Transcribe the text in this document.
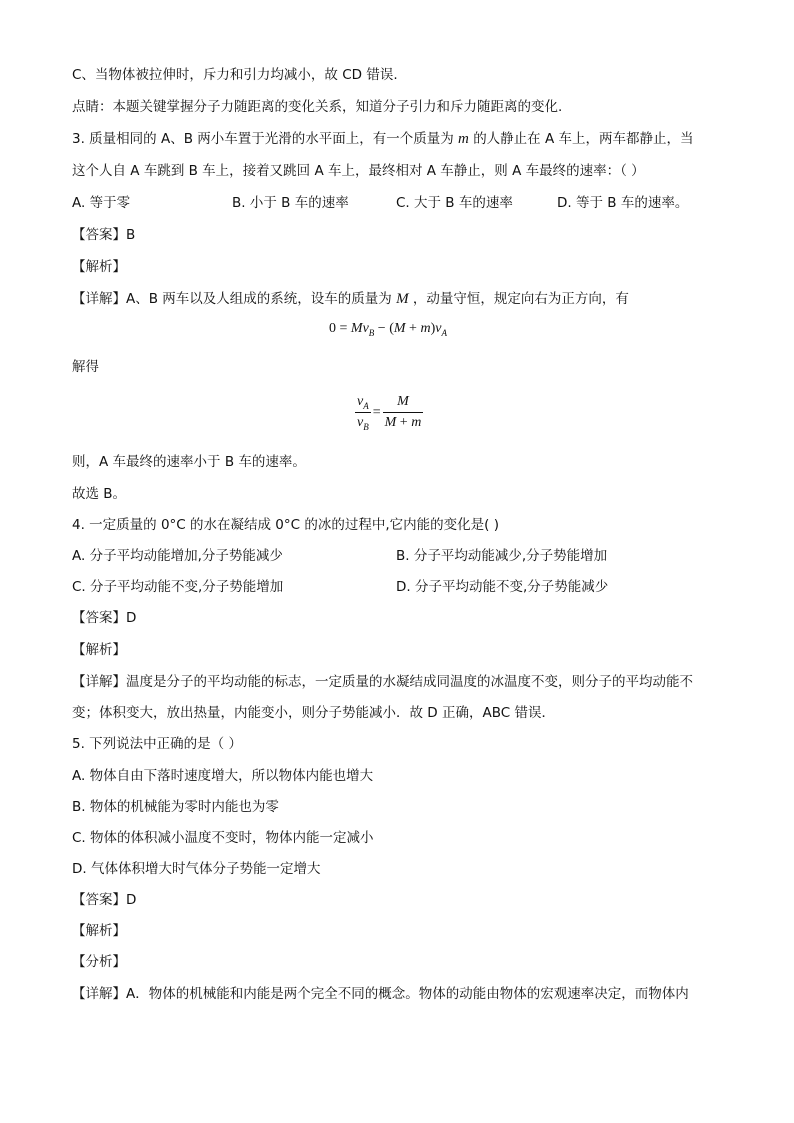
C、当物体被拉伸时，斥力和引力均减小，故 CD 错误.
点睛：本题关键掌握分子力随距离的变化关系，知道分子引力和斥力随距离的变化.
3. 质量相同的 A、B 两小车置于光滑的水平面上，有一个质量为 m 的人静止在 A 车上，两车都静止，当
这个人自 A 车跳到 B 车上，接着又跳回 A 车上，最终相对 A 车静止，则 A 车最终的速率：（ ）
A. 等于零	B. 小于 B 车的速率	C. 大于 B 车的速率	D. 等于 B 车的速率。
【答案】B
【解析】
【详解】A、B 两车以及人组成的系统，设车的质量为 M ，动量守恒，规定向右为正方向，有
$0 = Mv_B - (M + m)v_A$
解得
$\frac{v_A}{v_B} = \frac{M}{M + m}$
则，A 车最终的速率小于 B 车的速率。
故选 B。
4. 一定质量的 0°C 的水在凝结成 0°C 的冰的过程中,它内能的变化是( )
A. 分子平均动能增加,分子势能减少	B. 分子平均动能减少,分子势能增加
C. 分子平均动能不变,分子势能增加	D. 分子平均动能不变,分子势能减少
【答案】D
【解析】
【详解】温度是分子的平均动能的标志，一定质量的水凝结成同温度的冰温度不变，则分子的平均动能不
变；体积变大，放出热量，内能变小，则分子势能减小．故 D 正确，ABC 错误．
5. 下列说法中正确的是（ ）
A. 物体自由下落时速度增大，所以物体内能也增大
B. 物体的机械能为零时内能也为零
C. 物体的体积减小温度不变时，物体内能一定减小
D. 气体体积增大时气体分子势能一定增大
【答案】D
【解析】
【分析】
【详解】A．物体的机械能和内能是两个完全不同的概念。物体的动能由物体的宏观速率决定，而物体内
